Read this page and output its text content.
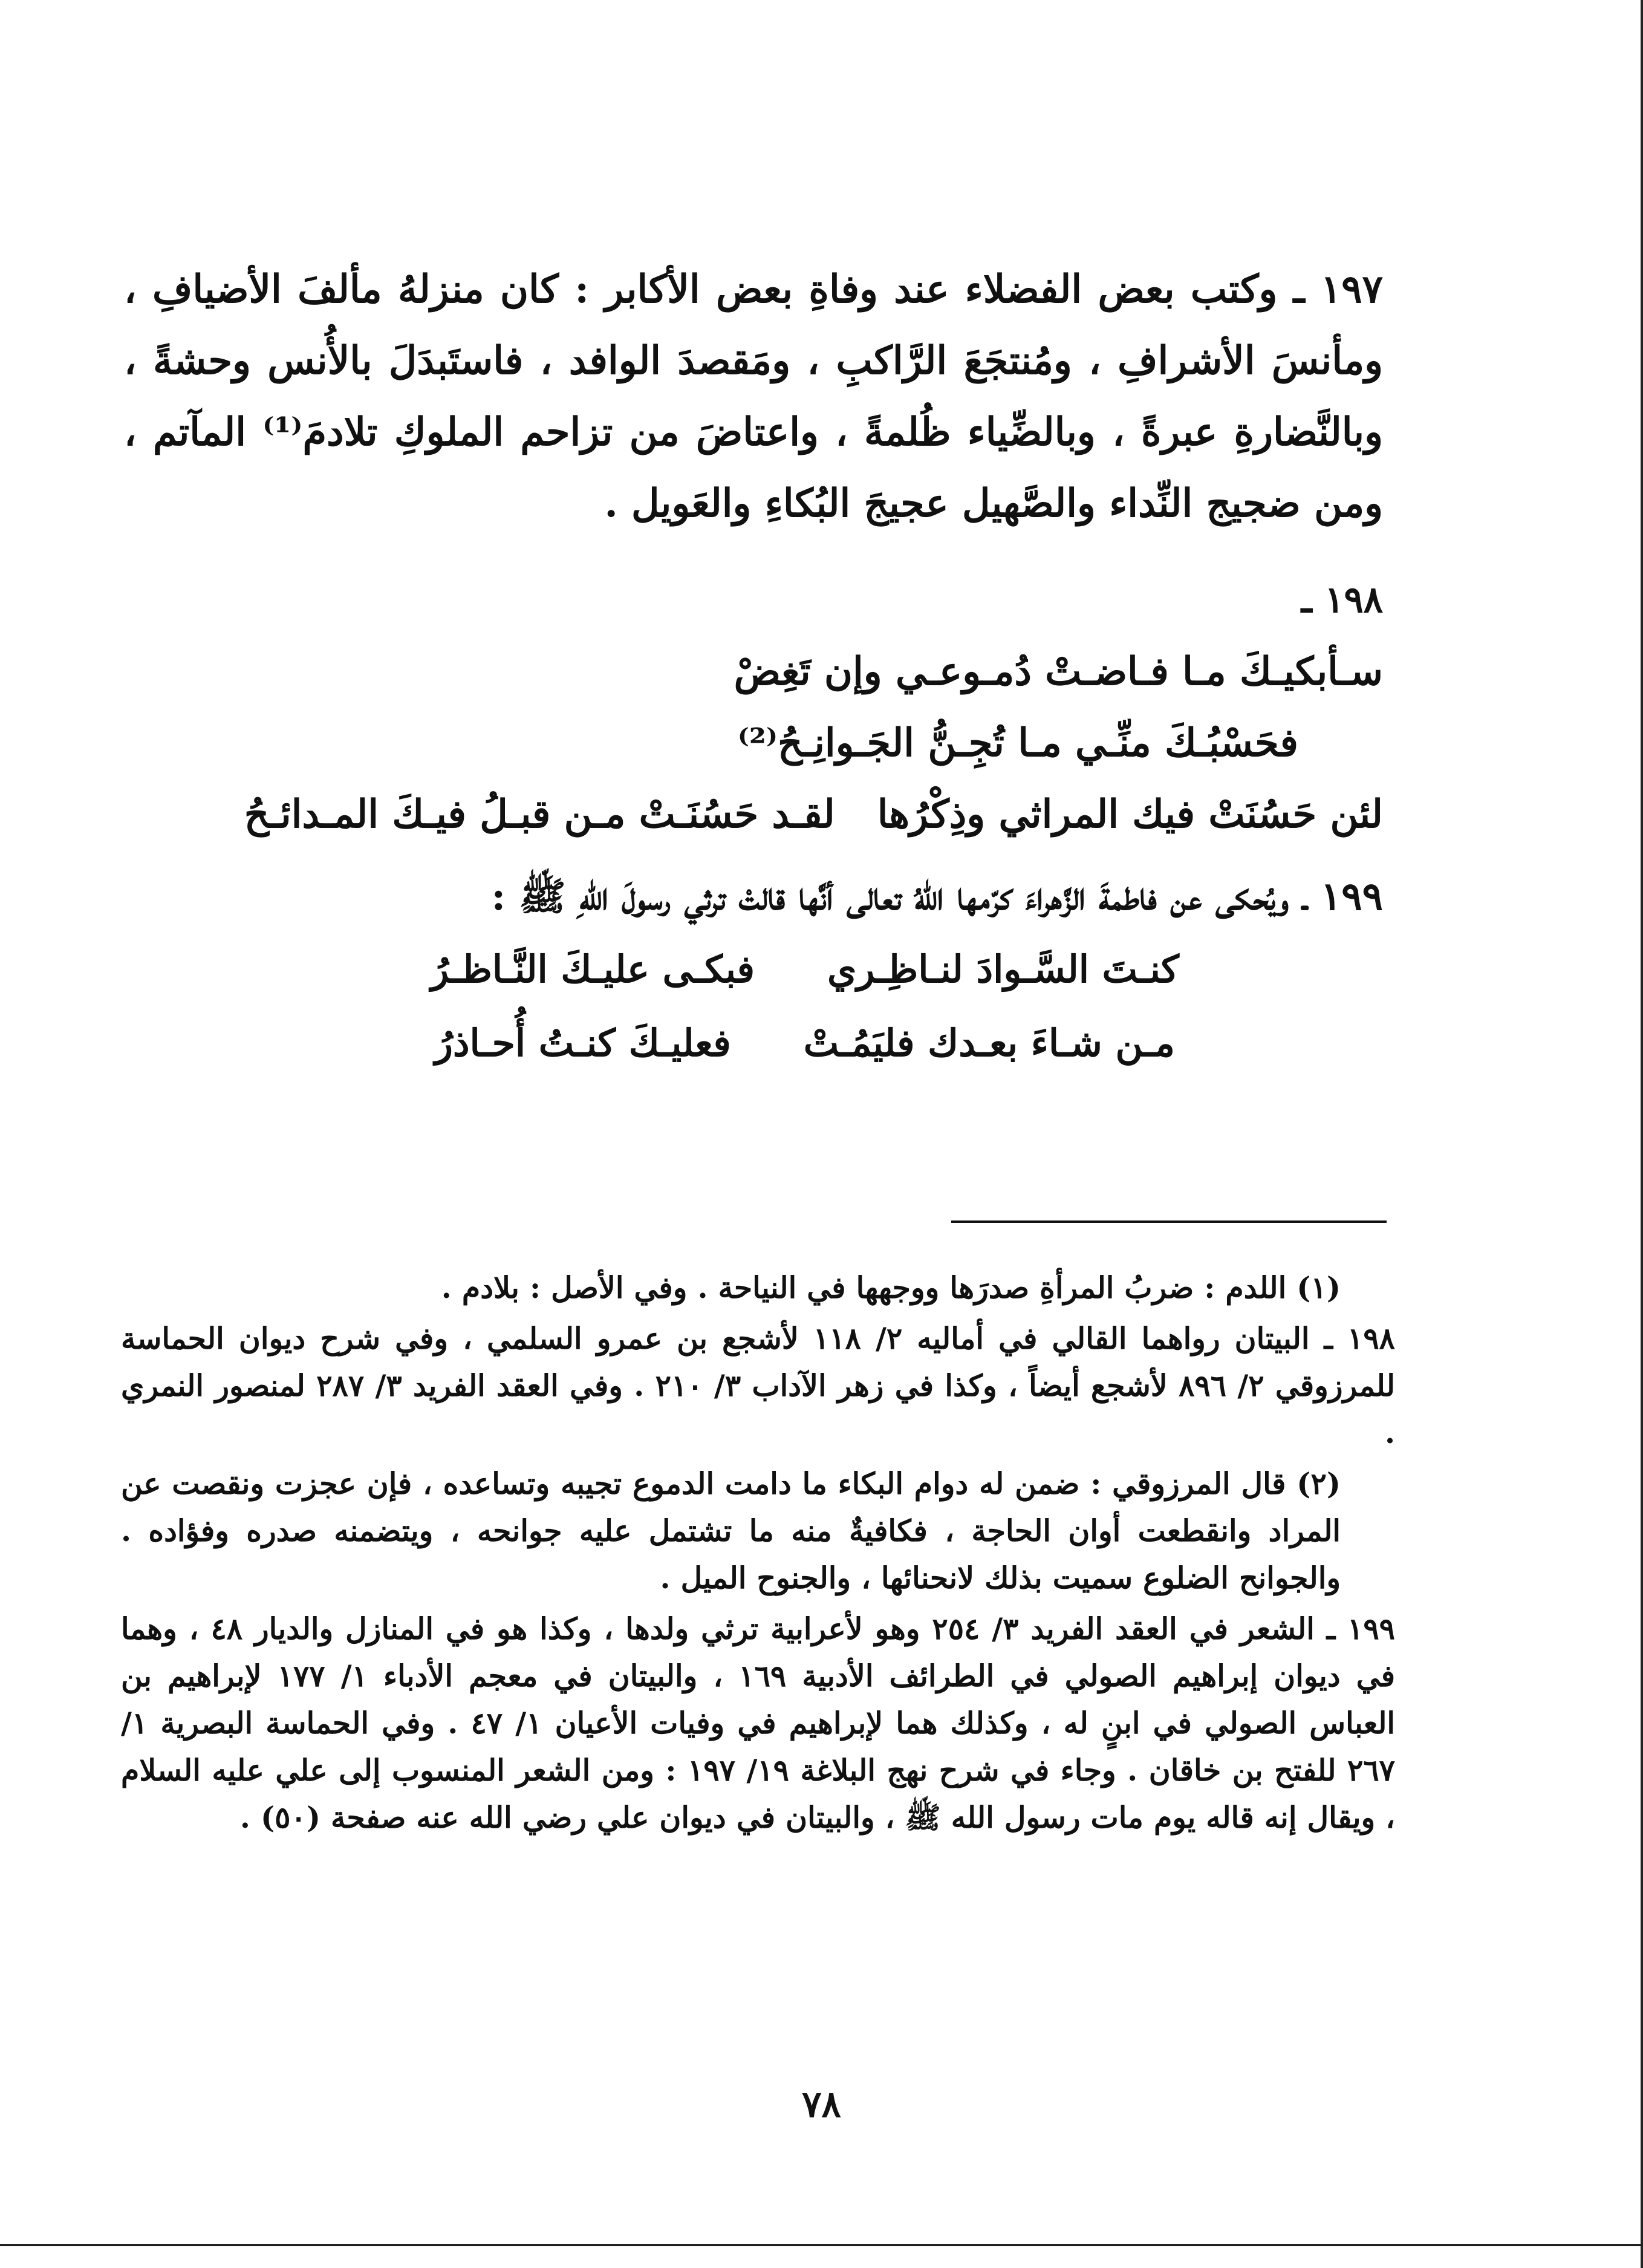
١٩٧ ـ وكتب بعض الفضلاء عند وفاةِ بعض الأكابر : كان منزلهُ مألفَ الأضيافِ ، ومأنسَ الأشرافِ ، ومُنتجَعَ الرَّاكبِ ، ومَقصدَ الوافد ، فاستَبدَلَ بالأُنس وحشةً ، وبالنَّضارةِ عبرةً ، وبالضِّياء ظُلمةً ، واعتاضَ من تزاحم الملوكِ تلادمَ⁽¹⁾ المآتم ، ومن ضجيج النِّداء والصَّهيل عجيجَ البُكاءِ والعَويل .

١٩٨ ـ

سـأبكيـكَ مـا فـاضـتْ دُمـوعـي وإن تَغِضْ

فحَسْبُـكَ منِّـي مـا تُجِـنُّ الجَـوانِـحُ⁽²⁾

لئن حَسُنَتْ فيك المراثي وذِكْرُها
لقـد حَسُنَـتْ مـن قبـلُ فيـكَ المـدائـحُ

١٩٩ ـ ويُحكى عن فاطمةَ الزَّهراءَ كرّمها اللهُ تعالى أنَّها قالتْ ترثي رسولَ اللهِ ﷺ :

كنـتَ السَّـوادَ لنـاظِـري
فبكـى عليـكَ النَّـاظـرُ
مـن شـاءَ بعـدك فليَمُـتْ
فعليـكَ كنـتُ أُحـاذرُ

(١) اللدم : ضربُ المرأةِ صدرَها ووجهها في النياحة . وفي الأصل : بلادم .

١٩٨ ـ البيتان رواهما القالي في أماليه ٢/ ١١٨ لأشجع بن عمرو السلمي ، وفي شرح ديوان الحماسة للمرزوقي ٢/ ٨٩٦ لأشجع أيضاً ، وكذا في زهر الآداب ٣/ ٢١٠ . وفي العقد الفريد ٣/ ٢٨٧ لمنصور النمري .

(٢) قال المرزوقي : ضمن له دوام البكاء ما دامت الدموع تجيبه وتساعده ، فإن عجزت ونقصت عن المراد وانقطعت أوان الحاجة ، فكافيةٌ منه ما تشتمل عليه جوانحه ، ويتضمنه صدره وفؤاده . والجوانح الضلوع سميت بذلك لانحنائها ، والجنوح الميل .

١٩٩ ـ الشعر في العقد الفريد ٣/ ٢٥٤ وهو لأعرابية ترثي ولدها ، وكذا هو في المنازل والديار ٤٨ ، وهما في ديوان إبراهيم الصولي في الطرائف الأدبية ١٦٩ ، والبيتان في معجم الأدباء ١/ ١٧٧ لإبراهيم بن العباس الصولي في ابنٍ له ، وكذلك هما لإبراهيم في وفيات الأعيان ١/ ٤٧ . وفي الحماسة البصرية ١/ ٢٦٧ للفتح بن خاقان . وجاء في شرح نهج البلاغة ١٩/ ١٩٧ : ومن الشعر المنسوب إلى علي عليه السلام ، ويقال إنه قاله يوم مات رسول الله ﷺ ، والبيتان في ديوان علي رضي الله عنه صفحة (٥٠) .

٧٨
